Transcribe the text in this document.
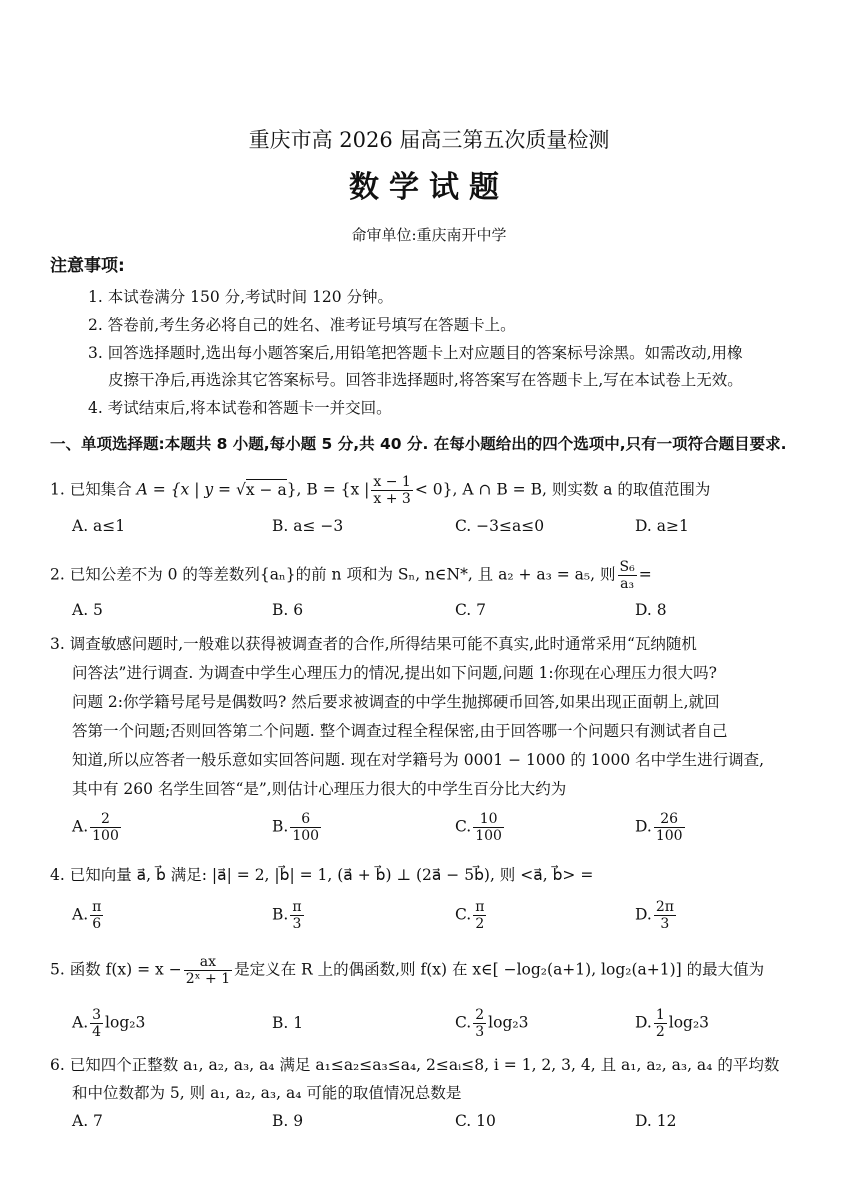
重庆市高 2026 届高三第五次质量检测
数学试题
命审单位:重庆南开中学
注意事项:
1. 本试卷满分 150 分,考试时间 120 分钟。
2. 答卷前,考生务必将自己的姓名、准考证号填写在答题卡上。
3. 回答选择题时,选出每小题答案后,用铅笔把答题卡上对应题目的答案标号涂黑。如需改动,用橡
皮擦干净后,再选涂其它答案标号。回答非选择题时,将答案写在答题卡上,写在本试卷上无效。
4. 考试结束后,将本试卷和答题卡一并交回。
一、单项选择题:本题共 8 小题,每小题 5 分,共 40 分. 在每小题给出的四个选项中,只有一项符合题目要求.
1. 已知集合 A = {x | y = √x − a}, B = {x | $\frac{x - 1}{x + 3} < 0$}, A ∩ B = B, 则实数 a 的取值范围为
A. a≤1	B. a≤ −3	C. −3≤a≤0	D. a≥1
2. 已知公差不为 0 的等差数列{aₙ}的前 n 项和为 Sₙ, n∈N*, 且 a₂ + a₃ = a₅, 则 $\frac{\text{S₆}}{\text{a₃}}$ =
A. 5	B. 6	C. 7	D. 8
3. 调查敏感问题时,一般难以获得被调查者的合作,所得结果可能不真实,此时通常采用“瓦纳随机
问答法”进行调查. 为调查中学生心理压力的情况,提出如下问题,问题 1:你现在心理压力很大吗?
问题 2:你学籍号尾号是偶数吗? 然后要求被调查的中学生抛掷硬币回答,如果出现正面朝上,就回
答第一个问题;否则回答第二个问题. 整个调查过程全程保密,由于回答哪一个问题只有测试者自己
知道,所以应答者一般乐意如实回答问题. 现在对学籍号为 0001 − 1000 的 1000 名中学生进行调查,
其中有 260 名学生回答“是”,则估计心理压力很大的中学生百分比大约为
A. $\frac{2}{100}$	B. $\frac{6}{100}$	C. $\frac{10}{100}$	D. $\frac{26}{100}$
4. 已知向量 a⃗, b⃗ 满足: |a⃗| = 2, |b⃗| = 1, (a⃗ + b⃗) ⊥ (2a⃗ − 5b⃗), 则 <a⃗, b⃗> =
A. $\frac{\pi}{6}$	B. $\frac{\pi}{3}$	C. $\frac{\pi}{2}$	D. $\frac{2\pi}{3}$
5. 函数 $f(x) = x - \frac{ax}{\text{2ˣ + 1}}$ 是定义在 R 上的偶函数,则 f(x) 在 x∈[ −log₂(a+1), log₂(a+1)] 的最大值为
A. $\frac{3}{4} \log_23$	B. 1	C. $\frac{2}{3} \log_23$	D. $\frac{1}{2} \log_23$
6. 已知四个正整数 a₁, a₂, a₃, a₄ 满足 a₁≤a₂≤a₃≤a₄, 2≤aᵢ≤8, i = 1, 2, 3, 4, 且 a₁, a₂, a₃, a₄ 的平均数
和中位数都为 5, 则 a₁, a₂, a₃, a₄ 可能的取值情况总数是
A. 7	B. 9	C. 10	D. 12
